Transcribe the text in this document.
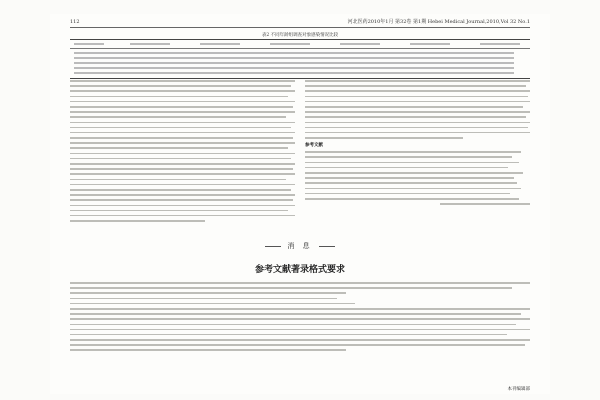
112	河北医药2010年1月 第32卷 第1期 Hebei Medical Journal,2010,Vol 32 No.1
表2 不同年龄组调查对象感染情况比较
参考文献
消 息
参考文献著录格式要求
本刊编辑部
